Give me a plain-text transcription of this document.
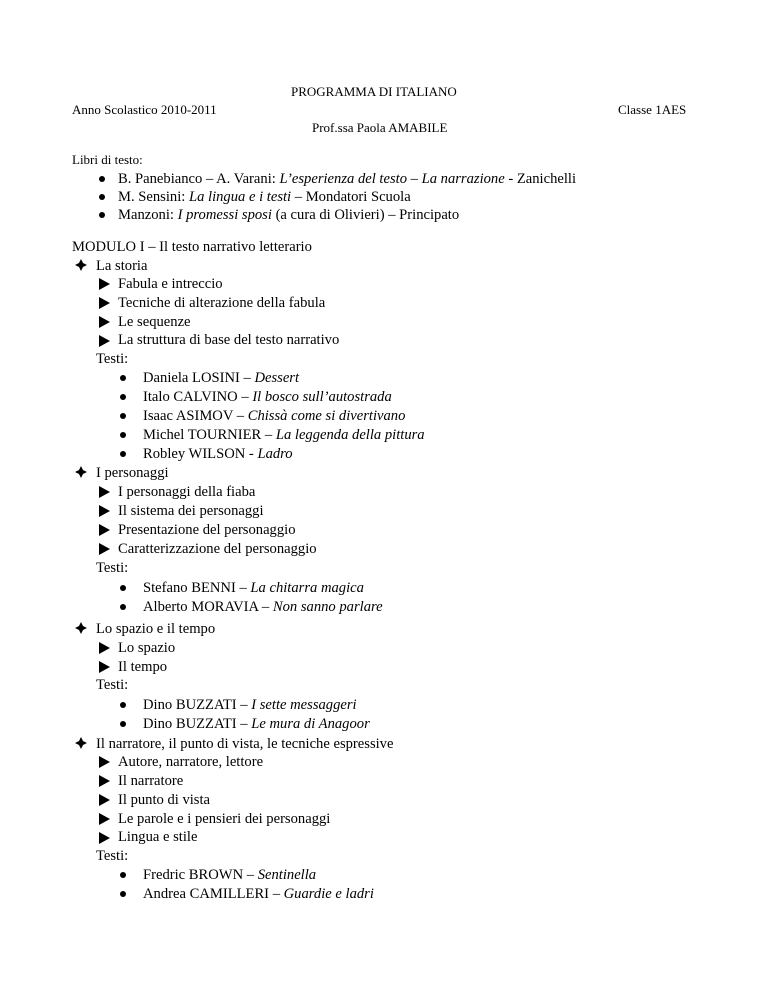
PROGRAMMA DI ITALIANO
Anno Scolastico 2010-2011	Classe 1AES
Prof.ssa Paola AMABILE
Libri di testo:
B. Panebianco – A. Varani: L’esperienza del testo – La narrazione - Zanichelli
M. Sensini: La lingua e i testi – Mondatori Scuola
Manzoni: I promessi sposi (a cura di Olivieri) – Principato
MODULO I – Il testo narrativo letterario
La storia
Fabula e intreccio
Tecniche di alterazione della fabula
Le sequenze
La struttura di base del testo narrativo
Testi:
Daniela LOSINI – Dessert
Italo CALVINO – Il bosco sull’autostrada
Isaac ASIMOV – Chissà come si divertivano
Michel TOURNIER – La leggenda della pittura
Robley WILSON - Ladro
I personaggi
I personaggi della fiaba
Il sistema dei personaggi
Presentazione del personaggio
Caratterizzazione del personaggio
Testi:
Stefano BENNI – La chitarra magica
Alberto MORAVIA – Non sanno parlare
Lo spazio e il tempo
Lo spazio
Il tempo
Testi:
Dino BUZZATI – I sette messaggeri
Dino BUZZATI – Le mura di Anagoor
Il narratore, il punto di vista, le tecniche espressive
Autore, narratore, lettore
Il narratore
Il punto di vista
Le parole e i pensieri dei personaggi
Lingua e stile
Testi:
Fredric BROWN – Sentinella
Andrea CAMILLERI – Guardie e ladri
